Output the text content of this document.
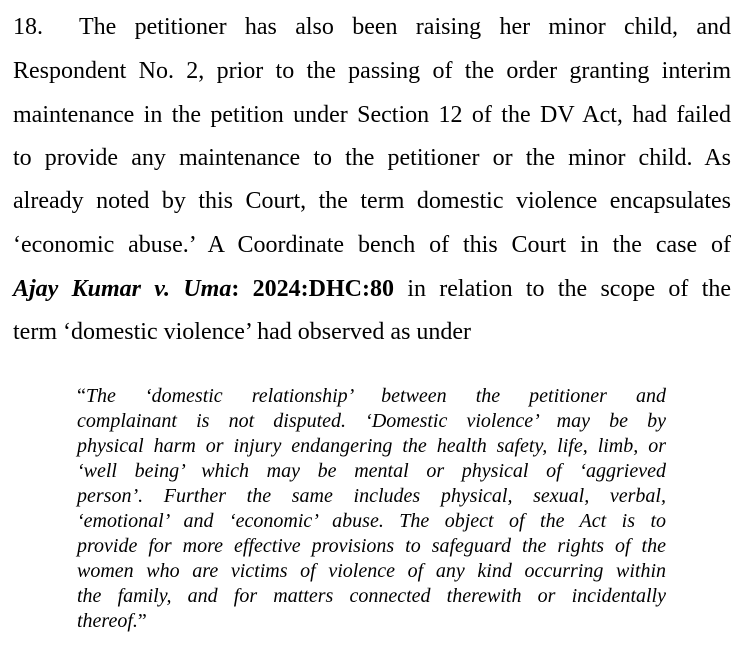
18. The petitioner has also been raising her minor child, and
Respondent No. 2, prior to the passing of the order granting interim
maintenance in the petition under Section 12 of the DV Act, had failed
to provide any maintenance to the petitioner or the minor child. As
already noted by this Court, the term domestic violence encapsulates
‘economic abuse.’ A Coordinate bench of this Court in the case of
Ajay Kumar v. Uma: 2024:DHC:80 in relation to the scope of the
term ‘domestic violence’ had observed as under
“The ‘domestic relationship’ between the petitioner and
complainant is not disputed. ‘Domestic violence’ may be by
physical harm or injury endangering the health safety, life, limb, or
‘well being’ which may be mental or physical of ‘aggrieved
person’. Further the same includes physical, sexual, verbal,
‘emotional’ and ‘economic’ abuse. The object of the Act is to
provide for more effective provisions to safeguard the rights of the
women who are victims of violence of any kind occurring within
the family, and for matters connected therewith or incidentally
thereof.”
